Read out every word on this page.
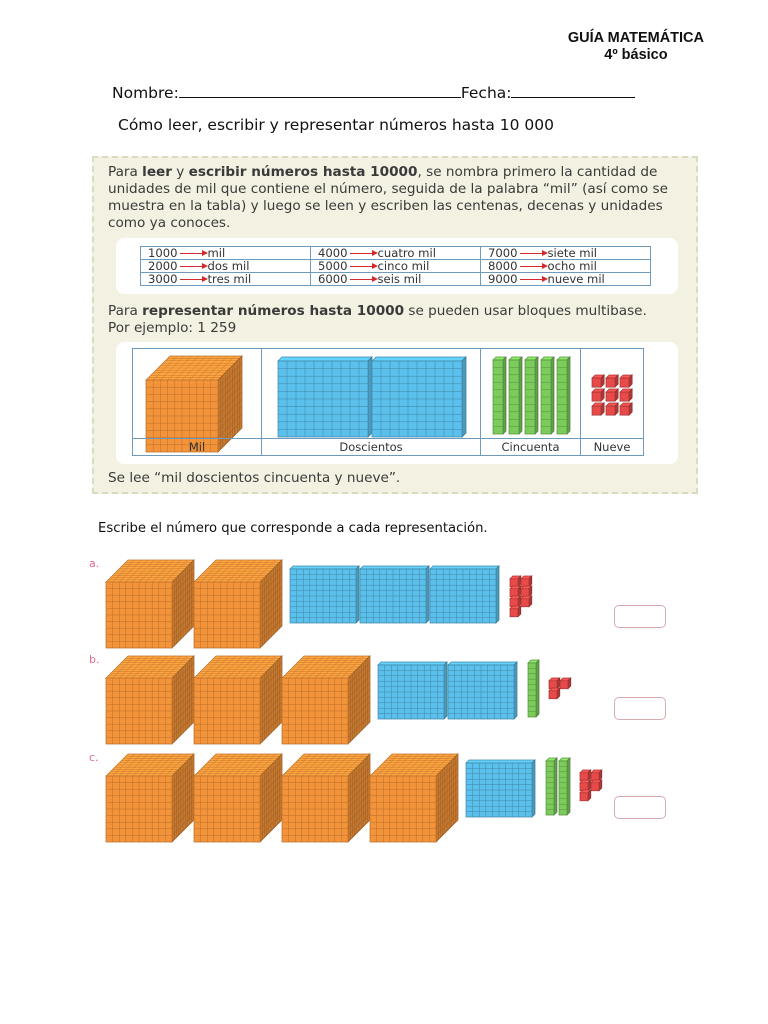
GUÍA MATEMÁTICA
4º básico
Nombre:	Fecha:
Cómo leer, escribir y representar números hasta 10 000
Para leer y escribir números hasta 10000, se nombra primero la cantidad de unidades de mil que contiene el número, seguida de la palabra “mil” (así como se muestra en la tabla) y luego se leen y escriben las centenas, decenas y unidades como ya conoces.
1000 mil	4000 cuatro mil	7000 siete mil
2000 dos mil	5000 cinco mil	8000 ocho mil
3000 tres mil	6000 seis mil	9000 nueve mil
Para representar números hasta 10000 se pueden usar bloques multibase.
Por ejemplo: 1 259
Mil	Doscientos	Cincuenta	Nueve
Se lee “mil doscientos cincuenta y nueve”.
Escribe el número que corresponde a cada representación.
a.
b.
c.
